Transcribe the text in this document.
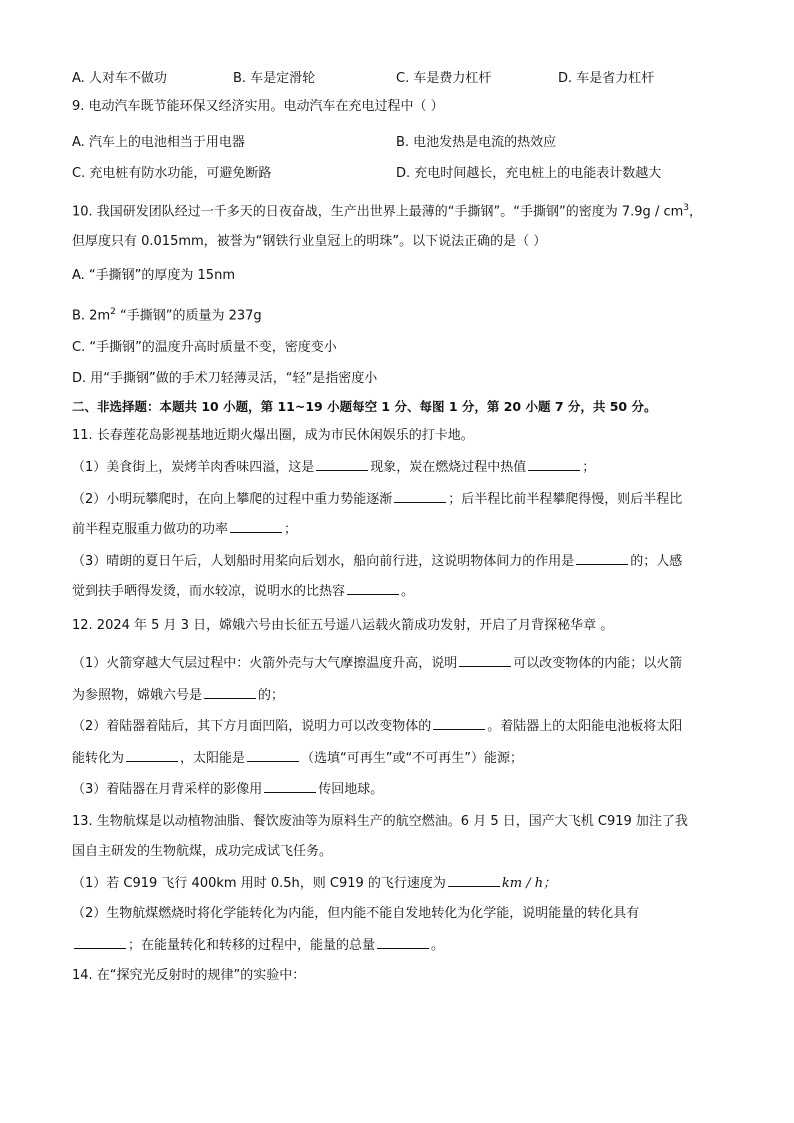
A. 人对车不做功	B. 车是定滑轮	C. 车是费力杠杆	D. 车是省力杠杆
9. 电动汽车既节能环保又经济实用。电动汽车在充电过程中（ ）
A. 汽车上的电池相当于用电器	B. 电池发热是电流的热效应
C. 充电桩有防水功能，可避免断路	D. 充电时间越长，充电桩上的电能表计数越大
10. 我国研发团队经过一千多天的日夜奋战，生产出世界上最薄的“手撕钢”。“手撕钢”的密度为 $7.9g / cm^3$，
但厚度只有 0.015mm，被誉为“钢铁行业皇冠上的明珠”。以下说法正确的是（ ）
A. “手撕钢”的厚度为 15nm
B. $2m^2$ “手撕钢”的质量为 237g
C. “手撕钢”的温度升高时质量不变，密度变小
D. 用“手撕钢”做的手术刀轻薄灵活，“轻”是指密度小
二、非选择题：本题共 10 小题，第 11~19 小题每空 1 分、每图 1 分，第 20 小题 7 分，共 50 分。
11. 长春莲花岛影视基地近期火爆出圈，成为市民休闲娱乐的打卡地。
（1）美食街上，炭烤羊肉香味四溢，这是	现象，炭在燃烧过程中热值	；
（2）小明玩攀爬时，在向上攀爬的过程中重力势能逐渐	；后半程比前半程攀爬得慢，则后半程比
前半程克服重力做功的功率	；
（3）晴朗的夏日午后，人划船时用桨向后划水，船向前行进，这说明物体间力的作用是	的；人感
觉到扶手晒得发烫，而水较凉，说明水的比热容	。
12. 2024 年 5 月 3 日，嫦娥六号由长征五号遥八运载火箭成功发射，开启了月背探秘华章 。
（1）火箭穿越大气层过程中：火箭外壳与大气摩擦温度升高，说明	可以改变物体的内能；以火箭
为参照物，嫦娥六号是	的；
（2）着陆器着陆后，其下方月面凹陷，说明力可以改变物体的	。着陆器上的太阳能电池板将太阳
能转化为	，太阳能是	（选填“可再生”或“不可再生”）能源；
（3）着陆器在月背采样的影像用	传回地球。
13. 生物航煤是以动植物油脂、餐饮废油等为原料生产的航空燃油。6 月 5 日，国产大飞机 C919 加注了我
国自主研发的生物航煤，成功完成试飞任务。
（1）若 C919 飞行 400km 用时 0.5h，则 C919 的飞行速度为	km / h；
（2）生物航煤燃烧时将化学能转化为内能，但内能不能自发地转化为化学能，说明能量的转化具有
；在能量转化和转移的过程中，能量的总量	。
14. 在“探究光反射时的规律”的实验中：
